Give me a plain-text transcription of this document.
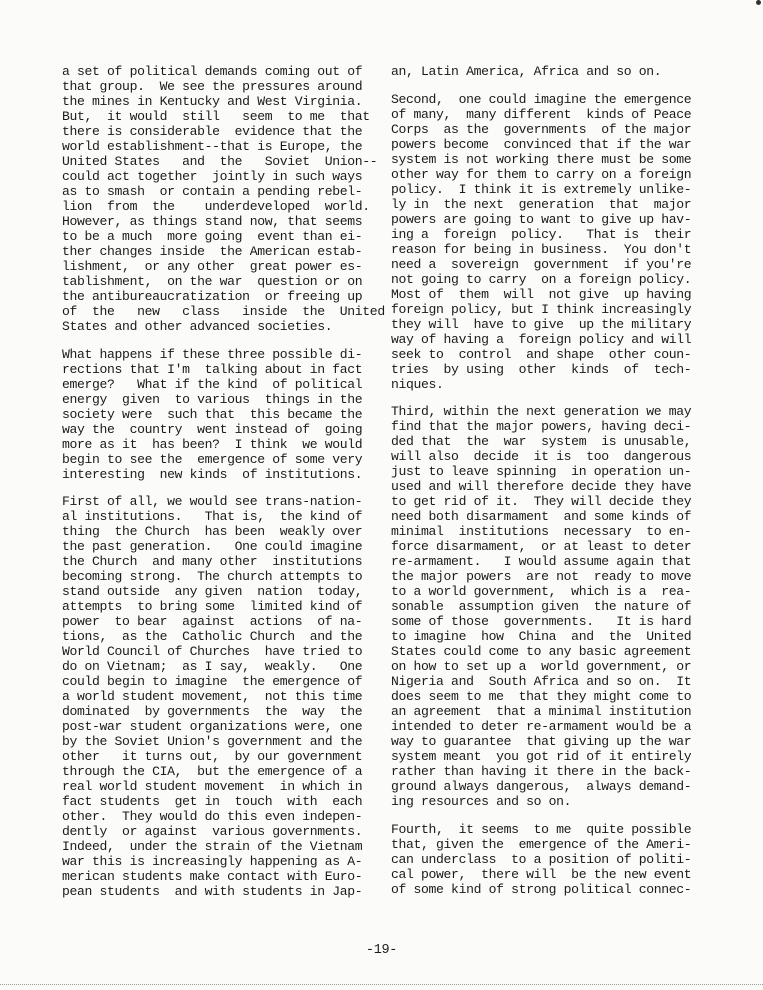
a set of political demands coming out of
that group.  We see the pressures around
the mines in Kentucky and West Virginia.
But,  it would  still   seem  to me  that
there is considerable  evidence that the
world establishment--that is Europe, the
United States   and  the   Soviet  Union--
could act together  jointly in such ways
as to smash  or contain a pending rebel-
lion  from  the    underdeveloped  world.
However, as things stand now, that seems
to be a much  more going  event than ei-
ther changes inside  the American estab-
lishment,  or any other  great power es-
tablishment,  on the war  question or on
the antibureaucratization  or freeing up
of  the   new   class   inside  the  United
States and other advanced societies.
What happens if these three possible di-
rections that I'm  talking about in fact
emerge?   What if the kind  of political
energy  given  to various  things in the
society were  such that  this became the
way the  country  went instead of  going
more as it  has been?  I think  we would
begin to see the  emergence of some very
interesting  new kinds  of institutions.
First of all, we would see trans-nation-
al institutions.   That is,  the kind of
thing  the Church  has been  weakly over
the past generation.   One could imagine
the Church  and many other  institutions
becoming strong.  The church attempts to
stand outside  any given  nation  today,
attempts  to bring some  limited kind of
power  to bear  against  actions  of na-
tions,  as the  Catholic Church  and the
World Council of Churches  have tried to
do on Vietnam;  as I say,  weakly.   One
could begin to imagine  the emergence of
a world student movement,  not this time
dominated  by governments  the  way  the
post-war student organizations were, one
by the Soviet Union's government and the
other   it turns out,  by our government
through the CIA,  but the emergence of a
real world student movement  in which in
fact students  get in  touch  with  each
other.  They would do this even indepen-
dently  or against  various governments.
Indeed,  under the strain of the Vietnam
war this is increasingly happening as A-
merican students make contact with Euro-
pean students  and with students in Jap-
an, Latin America, Africa and so on.
Second,  one could imagine the emergence
of many,  many different  kinds of Peace
Corps  as the  governments  of the major
powers become  convinced that if the war
system is not working there must be some
other way for them to carry on a foreign
policy.  I think it is extremely unlike-
ly in  the next  generation  that  major
powers are going to want to give up hav-
ing a  foreign  policy.   That is  their
reason for being in business.  You don't
need a  sovereign  government  if you're
not going to carry  on a foreign policy.
Most of  them  will  not give  up having
foreign policy, but I think increasingly
they will  have to give  up the military
way of having a  foreign policy and will
seek to  control  and shape  other coun-
tries  by using  other  kinds  of  tech-
niques.
Third, within the next generation we may
find that the major powers, having deci-
ded that  the  war  system  is unusable,
will also  decide  it is  too  dangerous
just to leave spinning  in operation un-
used and will therefore decide they have
to get rid of it.  They will decide they
need both disarmament  and some kinds of
minimal  institutions  necessary  to en-
force disarmament,  or at least to deter
re-armament.   I would assume again that
the major powers  are not  ready to move
to a world government,  which is a  rea-
sonable  assumption given  the nature of
some of those  governments.   It is hard
to imagine  how  China  and  the  United
States could come to any basic agreement
on how to set up a  world government, or
Nigeria and  South Africa and so on.  It
does seem to me  that they might come to
an agreement  that a minimal institution
intended to deter re-armament would be a
way to guarantee  that giving up the war
system meant  you got rid of it entirely
rather than having it there in the back-
ground always dangerous,  always demand-
ing resources and so on.
Fourth,  it seems  to me  quite possible
that, given the  emergence of the Ameri-
can underclass  to a position of politi-
cal power,  there will  be the new event
of some kind of strong political connec-
-19-
